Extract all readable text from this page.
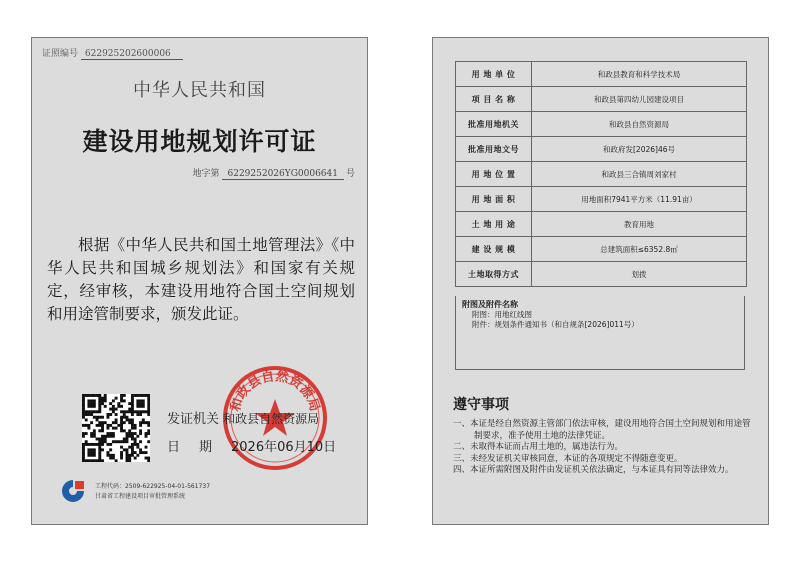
证照编号 622925202600006
中华人民共和国
建设用地规划许可证
地字第 6229252026YG0006641 号
根据《中华人民共和国土地管理法》《中华人民共和国城乡规划法》和国家有关规定，经审核，本建设用地符合国土空间规划和用途管制要求，颁发此证。
和政县自然资源局
发证机关 和政县自然资源局
日期2026年06月10日
工程代码：2509-622925-04-01-561737
甘肃省工程建设项目审批管理系统
用 地 单 位	和政县教育和科学技术局
项 目 名 称	和政县第四幼儿园建设项目
批准用地机关	和政县自然资源局
批准用地文号	和政府发[2026]46号
用 地 位 置	和政县三合镇周刘家村
用 地 面 积	用地面积7941平方米（11.91亩）
土 地 用 途	教育用地
建 设 规 模	总建筑面积≤6352.8㎡
土地取得方式	划拨
附图及附件名称
附图：用地红线图
附件：规划条件通知书（和自规条[2026]011号）
遵守事项
一、本证是经自然资源主管部门依法审核，建设用地符合国土空间规划和用途管制要求，准予使用土地的法律凭证。
二、未取得本证而占用土地的，属违法行为。
三、未经发证机关审核同意，本证的各项规定不得随意变更。
四、本证所需附图及附件由发证机关依法确定，与本证具有同等法律效力。
